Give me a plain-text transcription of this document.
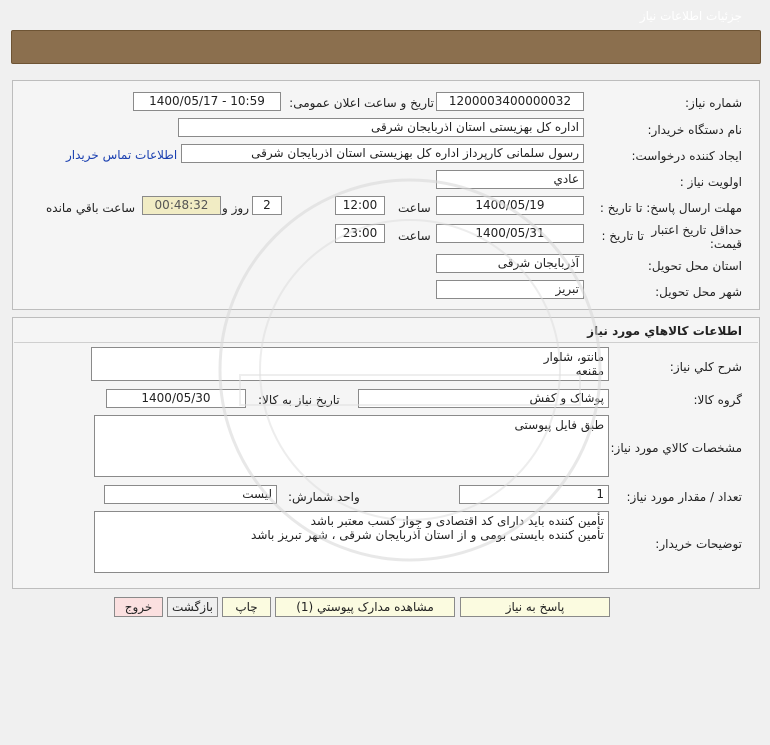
جزئيات اطلاعات نياز
شماره نياز:
1200003400000032
تاريخ و ساعت اعلان عمومی:
1400/05/17 - 10:59
نام دستگاه خريدار:
اداره کل بهزیستی استان اذربایجان شرقی
ايجاد کننده درخواست:
رسول سلمانی کارپرداز اداره کل بهزیستی استان اذربایجان شرقی
اطلاعات تماس خريدار
اولويت نياز :
عادي
مهلت ارسال پاسخ: تا تاريخ :
1400/05/19
ساعت
12:00
2
روز و
00:48:32
ساعت باقي مانده
حداقل تاريخ اعتبار
قيمت:
تا تاريخ :
1400/05/31
ساعت
23:00
استان محل تحويل:
آذربایجان شرقی
شهر محل تحويل:
تبریز
اطلاعات کالاهاي مورد نياز
شرح کلي نياز:
مانتو، شلوار
مقنعه
گروه کالا:
پوشاک و کفش
تاريخ نياز به کالا:
1400/05/30
مشخصات کالاي مورد نياز:
طبق فایل پیوستی
تعداد / مقدار مورد نياز:
1
واحد شمارش:
لیست
توضيحات خريدار:
تأمین کننده باید دارای کد اقتصادی و جواز کسب معتبر باشد
تأمین کننده بایستی بومی و از استان آذربایجان شرقی ، شهر تبریز باشد
پاسخ به نياز
مشاهده مدارک پيوستي (1)
چاپ
بازگشت
خروج
